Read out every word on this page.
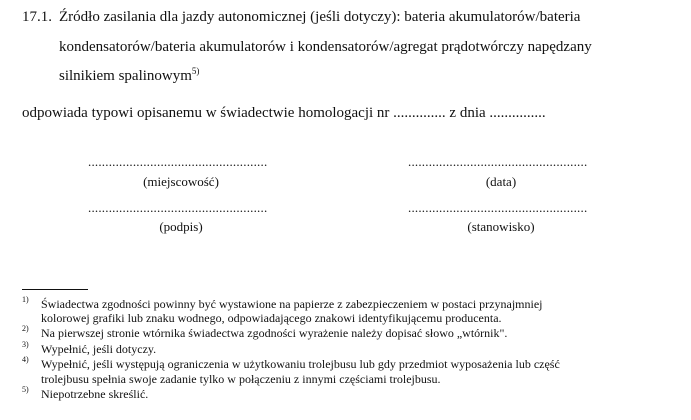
17.1. Źródło zasilania dla jazdy autonomicznej (jeśli dotyczy): bateria akumulatorów/bateria
kondensatorów/bateria akumulatorów i kondensatorów/agregat prądotwórczy napędzany
silnikiem spalinowym$^{5)}$
odpowiada typowi opisanemu w świadectwie homologacji nr .............. z dnia ...............
....................................................
(miejscowość)
....................................................
(data)
....................................................
(podpis)
....................................................
(stanowisko)
1) Świadectwa zgodności powinny być wystawione na papierze z zabezpieczeniem w postaci przynajmniej
kolorowej grafiki lub znaku wodnego, odpowiadającego znakowi identyfikującemu producenta.
2) Na pierwszej stronie wtórnika świadectwa zgodności wyrażenie należy dopisać słowo „wtórnik".
3) Wypełnić, jeśli dotyczy.
4) Wypełnić, jeśli występują ograniczenia w użytkowaniu trolejbusu lub gdy przedmiot wyposażenia lub część
trolejbusu spełnia swoje zadanie tylko w połączeniu z innymi częściami trolejbusu.
5) Niepotrzebne skreślić.
